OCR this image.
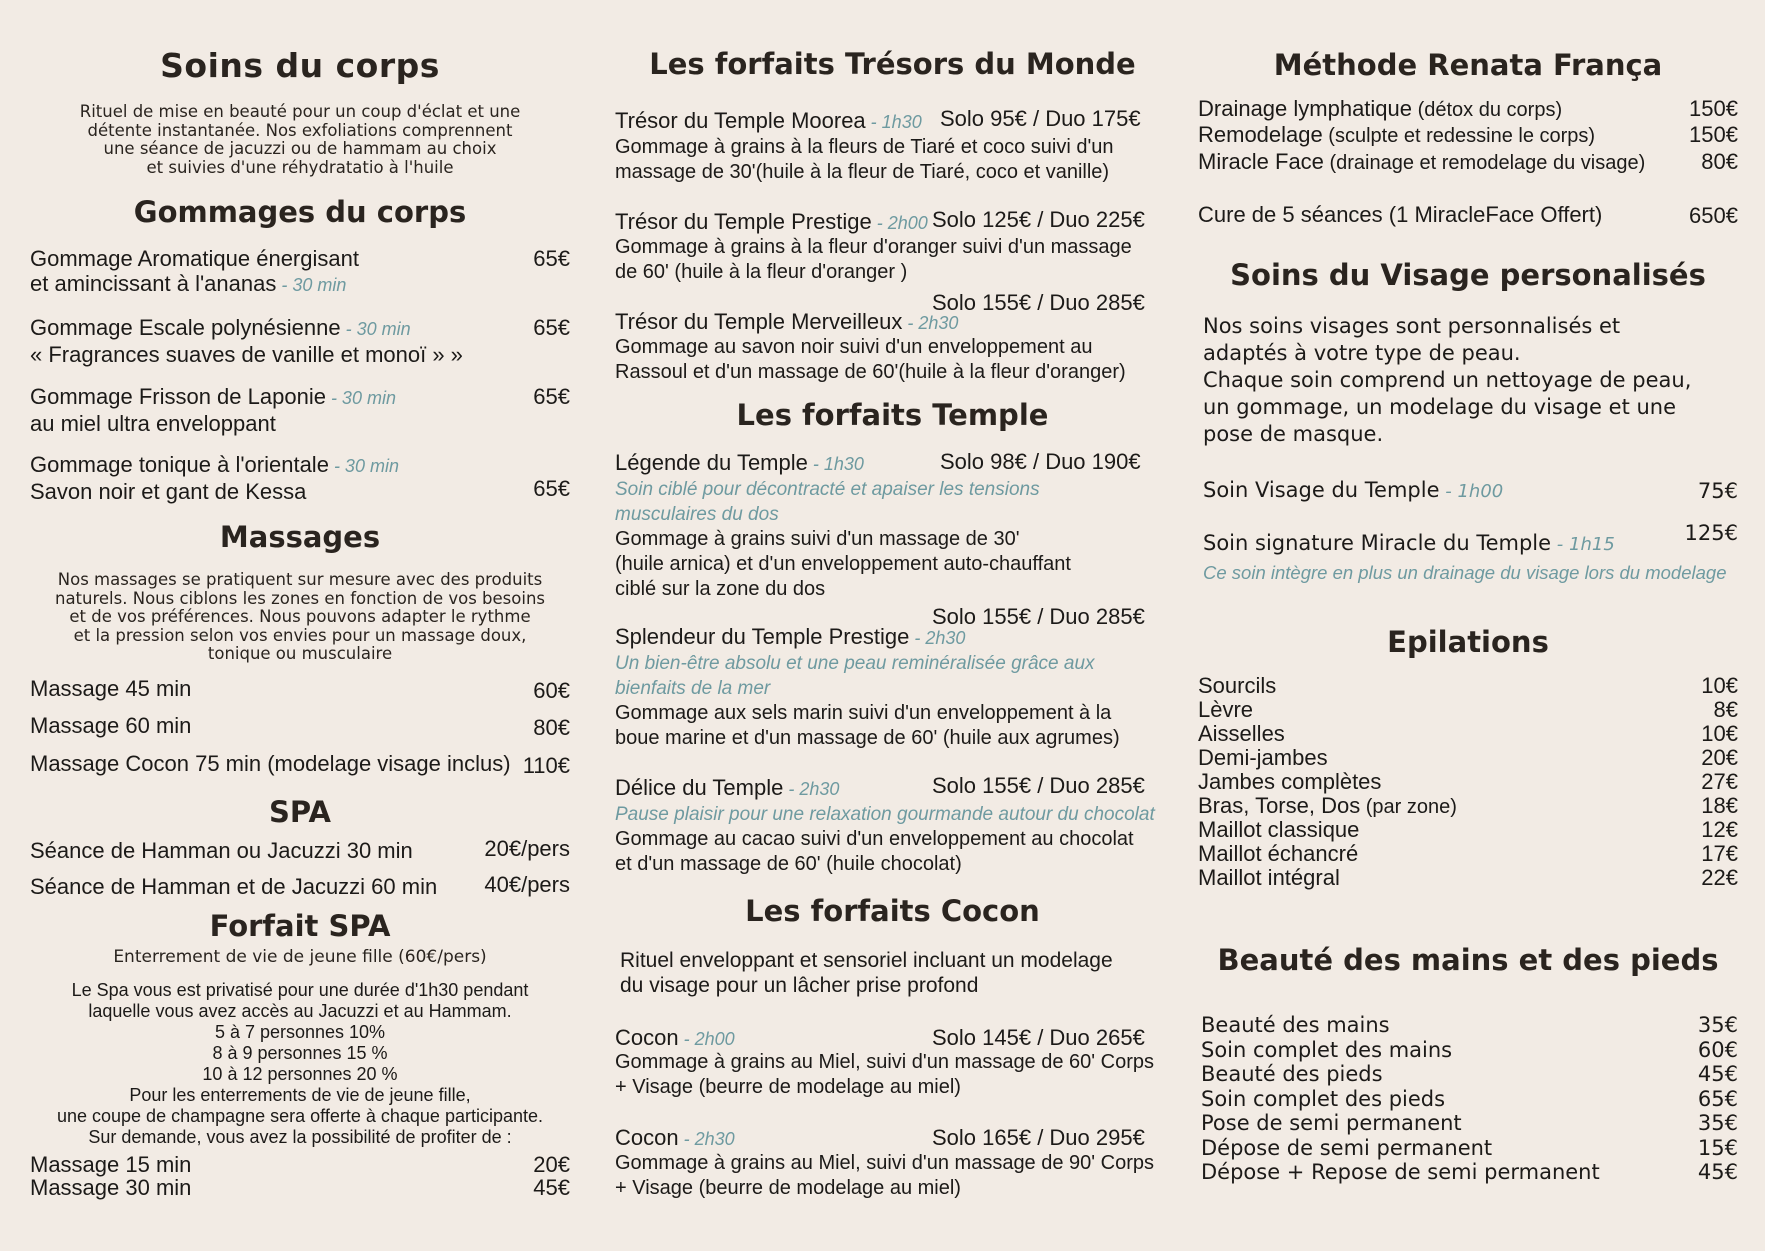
Soins du corps
Rituel de mise en beauté pour un coup d'éclat et une
détente instantanée. Nos exfoliations comprennent
une séance de jacuzzi ou de hammam au choix
et suivies d'une réhydratatio à l'huile
Gommages du corps
Gommage Aromatique énergisant
et amincissant à l'ananas - 30 min
65€
Gommage Escale polynésienne - 30 min
« Fragrances suaves de vanille et monoï » »
65€
Gommage Frisson de Laponie - 30 min
au miel ultra enveloppant
65€
Gommage tonique à l'orientale - 30 min
Savon noir et gant de Kessa	65€
Massages
Nos massages se pratiquent sur mesure avec des produits
naturels. Nous ciblons les zones en fonction de vos besoins
et de vos préférences. Nous pouvons adapter le rythme
et la pression selon vos envies pour un massage doux,
tonique ou musculaire
Massage 45 min	60€
Massage 60 min	80€
Massage Cocon 75 min (modelage visage inclus) 110€
SPA
Séance de Hamman ou Jacuzzi 30 min	20€/pers
Séance de Hamman et de Jacuzzi 60 min 40€/pers
Forfait SPA
Enterrement de vie de jeune fille (60€/pers)
Le Spa vous est privatisé pour une durée d'1h30 pendant
laquelle vous avez accès au Jacuzzi et au Hammam.
5 à 7 personnes 10%
8 à 9 personnes 15 %
10 à 12 personnes 20 %
Pour les enterrements de vie de jeune fille,
une coupe de champagne sera offerte à chaque participante.
Sur demande, vous avez la possibilité de profiter de :
Massage 15 min	20€
Massage 30 min	45€
Les forfaits Trésors du Monde
Trésor du Temple Moorea - 1h30 Solo 95€ / Duo 175€
Gommage à grains à la fleurs de Tiaré et coco suivi d'un
massage de 30'(huile à la fleur de Tiaré, coco et vanille)
Trésor du Temple Prestige - 2h00 Solo 125€ / Duo 225€
Gommage à grains à la fleur d'oranger suivi d'un massage
de 60' (huile à la fleur d'oranger )
Solo 155€ / Duo 285€
Trésor du Temple Merveilleux - 2h30
Gommage au savon noir suivi d'un enveloppement au
Rassoul et d'un massage de 60'(huile à la fleur d'oranger)
Les forfaits Temple
Légende du Temple - 1h30	Solo 98€ / Duo 190€
Soin ciblé pour décontracté et apaiser les tensions
musculaires du dos
Gommage à grains suivi d'un massage de 30'
(huile arnica) et d'un enveloppement auto-chauffant
ciblé sur la zone du dos
Solo 155€ / Duo 285€
Splendeur du Temple Prestige - 2h30
Un bien-être absolu et une peau reminéralisée grâce aux
bienfaits de la mer
Gommage aux sels marin suivi d'un enveloppement à la
boue marine et d'un massage de 60' (huile aux agrumes)
Délice du Temple - 2h30	Solo 155€ / Duo 285€
Pause plaisir pour une relaxation gourmande autour du chocolat
Gommage au cacao suivi d'un enveloppement au chocolat
et d'un massage de 60' (huile chocolat)
Les forfaits Cocon
Rituel enveloppant et sensoriel incluant un modelage
du visage pour un lâcher prise profond
Cocon - 2h00	Solo 145€ / Duo 265€
Gommage à grains au Miel, suivi d'un massage de 60' Corps
+ Visage (beurre de modelage au miel)
Cocon - 2h30	Solo 165€ / Duo 295€
Gommage à grains au Miel, suivi d'un massage de 90' Corps
+ Visage (beurre de modelage au miel)
Méthode Renata França
Drainage lymphatique (détox du corps)	150€
Remodelage (sculpte et redessine le corps)	150€
Miracle Face (drainage et remodelage du visage)	80€
Cure de 5 séances (1 MiracleFace Offert)	650€
Soins du Visage personalisés
Nos soins visages sont personnalisés et
adaptés à votre type de peau.
Chaque soin comprend un nettoyage de peau,
un gommage, un modelage du visage et une
pose de masque.
Soin Visage du Temple - 1h00	75€
Soin signature Miracle du Temple - 1h15	125€
Ce soin intègre en plus un drainage du visage lors du modelage
Epilations
Sourcils	10€
Lèvre	8€
Aisselles	10€
Demi-jambes	20€
Jambes complètes	27€
Bras, Torse, Dos (par zone)	18€
Maillot classique	12€
Maillot échancré	17€
Maillot intégral	22€
Beauté des mains et des pieds
Beauté des mains	35€
Soin complet des mains	60€
Beauté des pieds	45€
Soin complet des pieds	65€
Pose de semi permanent	35€
Dépose de semi permanent	15€
Dépose + Repose de semi permanent	45€
